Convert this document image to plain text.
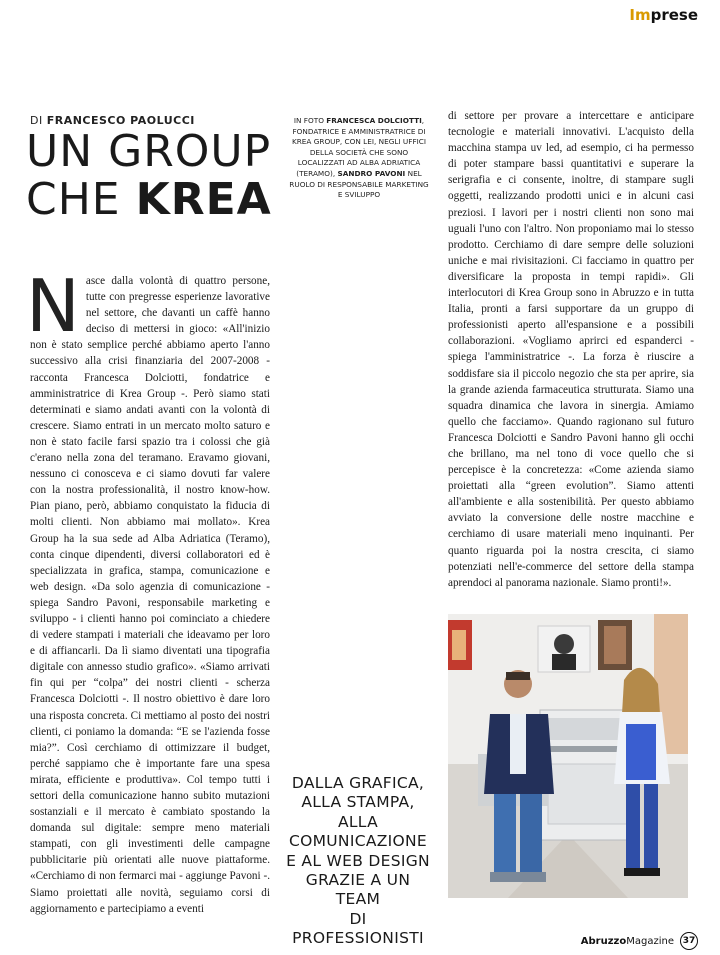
Imprese
DI FRANCESCO PAOLUCCI
UN GROUP
CHE KREA
IN FOTO FRANCESCA DOLCIOTTI, FONDATRICE E AMMINISTRATRICE DI KREA GROUP, CON LEI, NEGLI UFFICI DELLA SOCIETÀ CHE SONO LOCALIZZATI AD ALBA ADRIATICA (TERAMO), SANDRO PAVONI NEL RUOLO DI RESPONSABILE MARKETING E SVILUPPO
Nasce dalla volontà di quattro persone, tutte con pregresse esperienze lavorative nel settore, che davanti un caffè hanno deciso di mettersi in gioco: «All'inizio non è stato semplice perché abbiamo aperto l'anno successivo alla crisi finanziaria del 2007-2008 - racconta Francesca Dolciotti, fondatrice e amministratrice di Krea Group -. Però siamo stati determinati e siamo andati avanti con la volontà di crescere. Siamo entrati in un mercato molto saturo e non è stato facile farsi spazio tra i colossi che già c'erano nella zona del teramano. Eravamo giovani, nessuno ci conosceva e ci siamo dovuti far valere con la nostra professionalità, il nostro know-how. Pian piano, però, abbiamo conquistato la fiducia di molti clienti. Non abbiamo mai mollato». Krea Group ha la sua sede ad Alba Adriatica (Teramo), conta cinque dipendenti, diversi collaboratori ed è specializzata in grafica, stampa, comunicazione e web design. «Da solo agenzia di comunicazione - spiega Sandro Pavoni, responsabile marketing e sviluppo - i clienti hanno poi cominciato a chiedere di vedere stampati i materiali che ideavamo per loro e di affiancarli. Da lì siamo diventati una tipografia digitale con annesso studio grafico». «Siamo arrivati fin qui per “colpa” dei nostri clienti - scherza Francesca Dolciotti -. Il nostro obiettivo è dare loro una risposta concreta. Ci mettiamo al posto dei nostri clienti, ci poniamo la domanda: “E se l'azienda fosse mia?”. Così cerchiamo di ottimizzare il budget, perché sappiamo che è importante fare una spesa mirata, efficiente e produttiva». Col tempo tutti i settori della comunicazione hanno subito mutazioni sostanziali e il mercato è cambiato spostando la domanda sul digitale: sempre meno materiali stampati, con gli investimenti delle campagne pubblicitarie più orientati alle nuove piattaforme. «Cerchiamo di non fermarci mai - aggiunge Pavoni -. Siamo proiettati alle novità, seguiamo corsi di aggiornamento e partecipiamo a eventi
DALLA GRAFICA,
ALLA STAMPA, ALLA
COMUNICAZIONE
E AL WEB DESIGN
GRAZIE A UN TEAM
DI PROFESSIONISTI
di settore per provare a intercettare e anticipare tecnologie e materiali innovativi. L'acquisto della macchina stampa uv led, ad esempio, ci ha permesso di poter stampare bassi quantitativi e superare la serigrafia e ci consente, inoltre, di stampare sugli oggetti, realizzando prodotti unici e in alcuni casi preziosi. I lavori per i nostri clienti non sono mai uguali l'uno con l'altro. Non proponiamo mai lo stesso prodotto. Cerchiamo di dare sempre delle soluzioni uniche e mai rivisitazioni. Ci facciamo in quattro per diversificare la proposta in tempi rapidi». Gli interlocutori di Krea Group sono in Abruzzo e in tutta Italia, pronti a farsi supportare da un gruppo di professionisti aperto all'espansione e a possibili collaborazioni. «Vogliamo aprirci ed espanderci - spiega l'amministratrice -. La forza è riuscire a soddisfare sia il piccolo negozio che sta per aprire, sia la grande azienda farmaceutica strutturata. Siamo una squadra dinamica che lavora in sinergia. Amiamo quello che facciamo». Quando ragionano sul futuro Francesca Dolciotti e Sandro Pavoni hanno gli occhi che brillano, ma nel tono di voce quello che si percepisce è la concretezza: «Come azienda siamo proiettati alla “green evolution”. Siamo attenti all'ambiente e alla sostenibilità. Per questo abbiamo avviato la conversione delle nostre macchine e cerchiamo di usare materiali meno inquinanti. Per quanto riguarda poi la nostra crescita, ci siamo potenziati nell'e-commerce del settore della stampa aprendoci al panorama nazionale. Siamo pronti!».
AbruzzoMagazine 37
